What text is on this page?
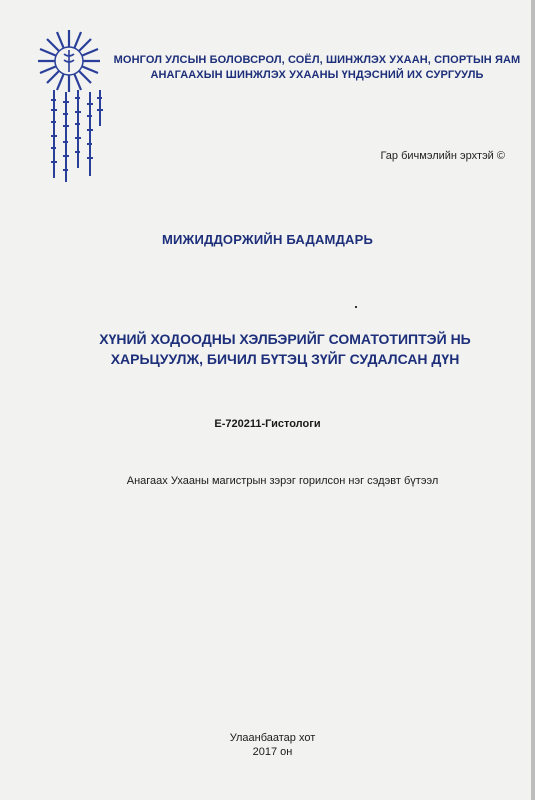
МОНГОЛ УЛСЫН БОЛОВСРОЛ, СОЁЛ, ШИНЖЛЭХ УХААН, СПОРТЫН ЯАМ
АНАГААХЫН ШИНЖЛЭХ УХААНЫ ҮНДЭСНИЙ ИХ СУРГУУЛЬ
Гар бичмэлийн эрхтэй ©
МИЖИДДОРЖИЙН БАДАМДАРЬ
ХҮНИЙ ХОДООДНЫ ХЭЛБЭРИЙГ СОМАТОТИПТЭЙ НЬ
ХАРЬЦУУЛЖ, БИЧИЛ БҮТЭЦ ЗҮЙГ СУДАЛСАН ДҮН
Е-720211-Гистологи
Анагаах Ухааны магистрын зэрэг горилсон нэг сэдэвт бүтээл
Улаанбаатар хот
2017 он
